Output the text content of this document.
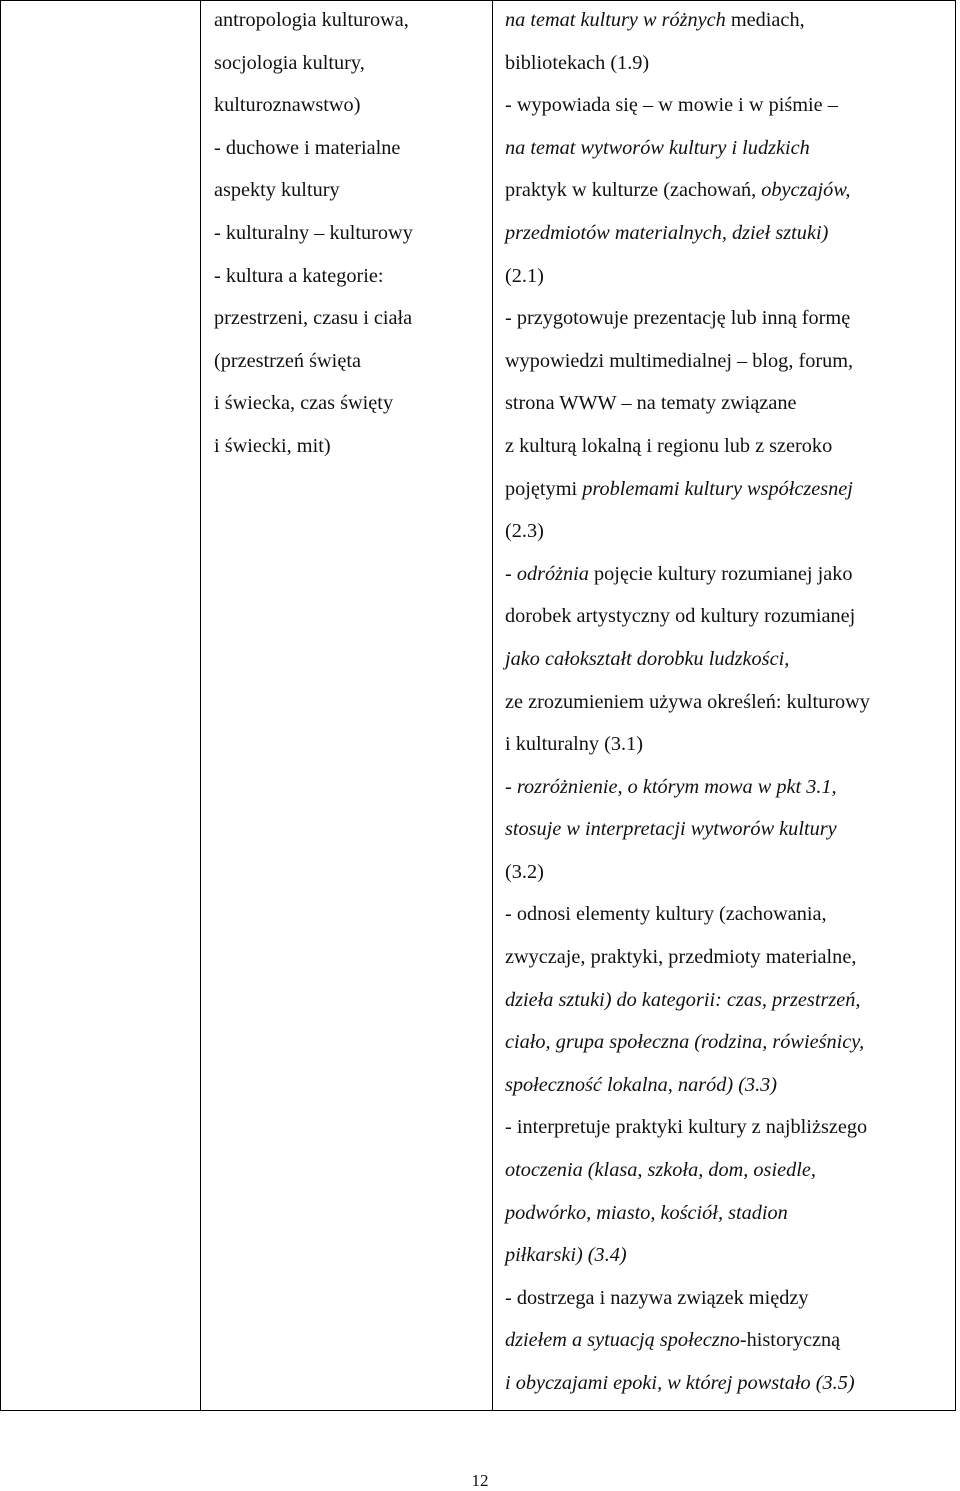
antropologia kulturowa,
socjologia kultury,
kulturoznawstwo)
- duchowe i materialne
aspekty kultury
- kulturalny – kulturowy
- kultura a kategorie:
przestrzeni, czasu i ciała
(przestrzeń święta
i świecka, czas święty
i świecki, mit)
na temat kultury w różnych mediach,
bibliotekach (1.9)
- wypowiada się – w mowie i w piśmie –
na temat wytworów kultury i ludzkich
praktyk w kulturze (zachowań, obyczajów,
przedmiotów materialnych, dzieł sztuki)
(2.1)
- przygotowuje prezentację lub inną formę
wypowiedzi multimedialnej – blog, forum,
strona WWW – na tematy związane
z kulturą lokalną i regionu lub z szeroko
pojętymi problemami kultury współczesnej
(2.3)
- odróżnia pojęcie kultury rozumianej jako
dorobek artystyczny od kultury rozumianej
jako całokształt dorobku ludzkości,
ze zrozumieniem używa określeń: kulturowy
i kulturalny (3.1)
- rozróżnienie, o którym mowa w pkt 3.1,
stosuje w interpretacji wytworów kultury
(3.2)
- odnosi elementy kultury (zachowania,
zwyczaje, praktyki, przedmioty materialne,
dzieła sztuki) do kategorii: czas, przestrzeń,
ciało, grupa społeczna (rodzina, rówieśnicy,
społeczność lokalna, naród) (3.3)
- interpretuje praktyki kultury z najbliższego
otoczenia (klasa, szkoła, dom, osiedle,
podwórko, miasto, kościół, stadion
piłkarski) (3.4)
- dostrzega i nazywa związek między
dziełem a sytuacją społeczno-historyczną
i obyczajami epoki, w której powstało (3.5)
12
